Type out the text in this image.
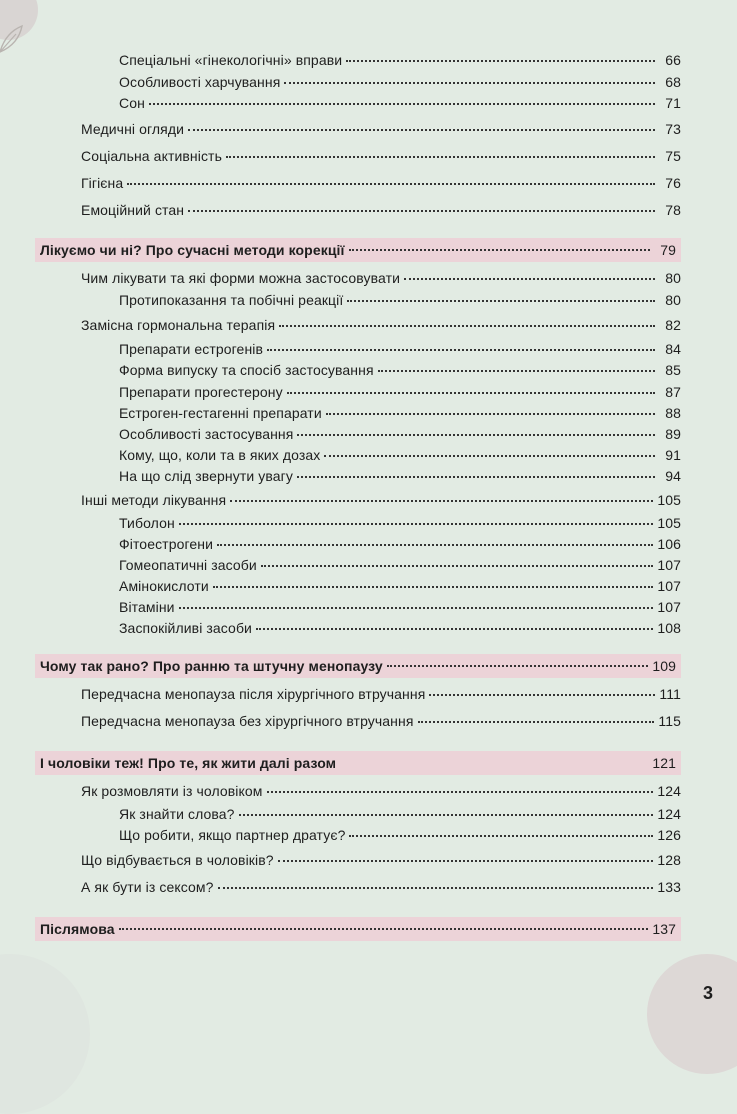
Спеціальні «гінекологічні» вправи	66
Особливості харчування	68
Сон	71
Медичні огляди	73
Соціальна активність	75
Гігієна	76
Емоційний стан	78
Лікуємо чи ні? Про сучасні методи корекції	79
Чим лікувати та які форми можна застосовувати	80
Протипоказання та побічні реакції	80
Замісна гормональна терапія	82
Препарати естрогенів	84
Форма випуску та спосіб застосування	85
Препарати прогестерону	87
Естроген-гестагенні препарати	88
Особливості застосування	89
Кому, що, коли та в яких дозах	91
На що слід звернути увагу	94
Інші методи лікування	105
Тиболон	105
Фітоестрогени	106
Гомеопатичні засоби	107
Амінокислоти	107
Вітаміни	107
Заспокійливі засоби	108
Чому так рано? Про ранню та штучну менопаузу	109
Передчасна менопауза після хірургічного втручання	111
Передчасна менопауза без хірургічного втручання	115
І чоловіки теж! Про те, як жити далі разом	121
Як розмовляти із чоловіком	124
Як знайти слова?	124
Що робити, якщо партнер дратує?	126
Що відбувається в чоловіків?	128
А як бути із сексом?	133
Післямова	137
3
